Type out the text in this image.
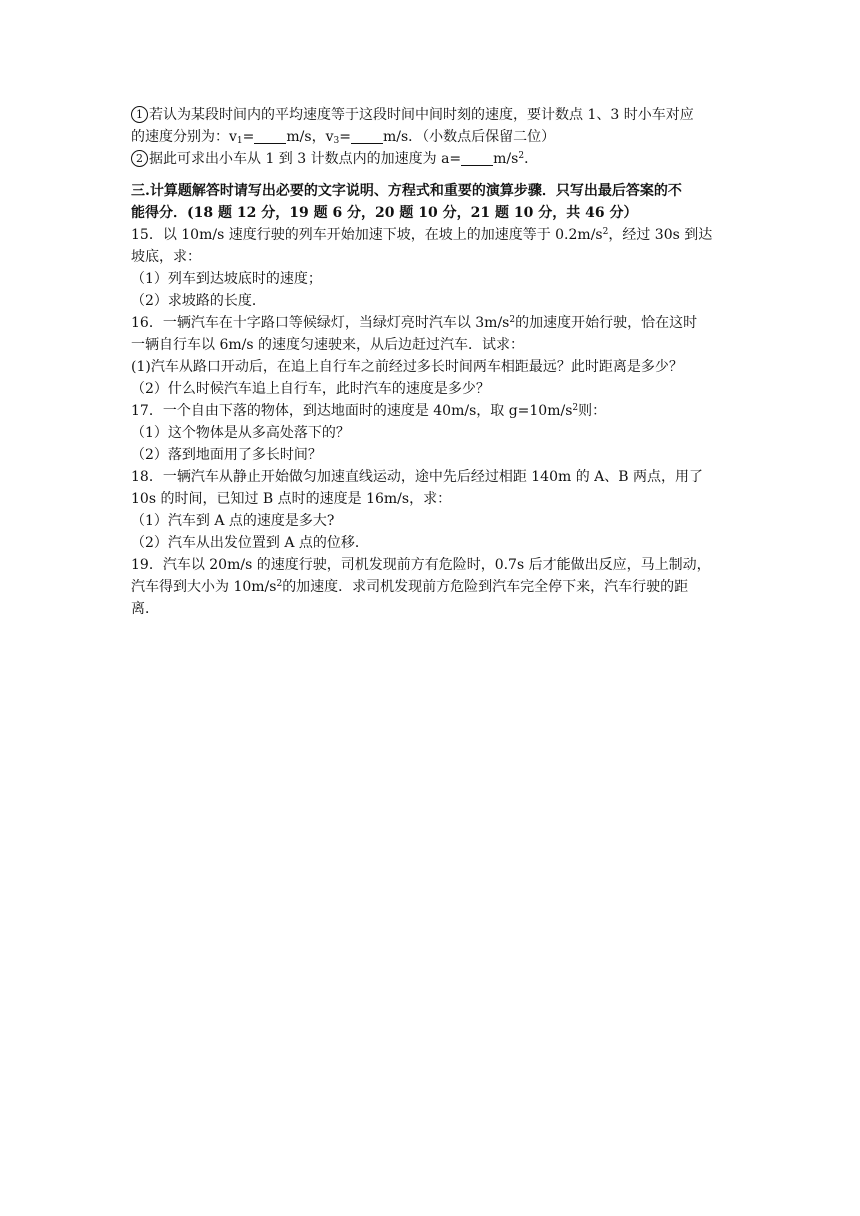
1 若认为某段时间内的平均速度等于这段时间中间时刻的速度，要计数点 1、3 时小车对应
的速度分别为：$v_1= m/s$，$v_3= m/s$．（小数点后保留二位）
2 据此可求出小车从 1 到 3 计数点内的加速度为 $a= m/s^2$．
三.计算题解答时请写出必要的文字说明、方程式和重要的演算步骤．只写出最后答案的不
能得分．(18 题 12 分，19 题 6 分，20 题 10 分，21 题 10 分，共 46 分）
15．以 10m/s 速度行驶的列车开始加速下坡，在坡上的加速度等于 $0.2m/s^2$，经过 30s 到达
坡底，求：
（1）列车到达坡底时的速度；
（2）求坡路的长度．
16．一辆汽车在十字路口等候绿灯，当绿灯亮时汽车以 $3m/s^2$的加速度开始行驶，恰在这时
一辆自行车以 6m/s 的速度匀速驶来，从后边赶过汽车．试求：
(1)汽车从路口开动后，在追上自行车之前经过多长时间两车相距最远？此时距离是多少？
（2）什么时候汽车追上自行车，此时汽车的速度是多少？
17．一个自由下落的物体，到达地面时的速度是 40m/s，取 $g=10m/s^2$则：
（1）这个物体是从多高处落下的？
（2）落到地面用了多长时间？
18．一辆汽车从静止开始做匀加速直线运动，途中先后经过相距 140m 的 A、B 两点，用了
10s 的时间，已知过 B 点时的速度是 16m/s，求：
（1）汽车到 A 点的速度是多大?
（2）汽车从出发位置到 A 点的位移．
19．汽车以 20m/s 的速度行驶，司机发现前方有危险时，0.7s 后才能做出反应，马上制动，
汽车得到大小为 $10m/s^2$的加速度．求司机发现前方危险到汽车完全停下来，汽车行驶的距
离．
